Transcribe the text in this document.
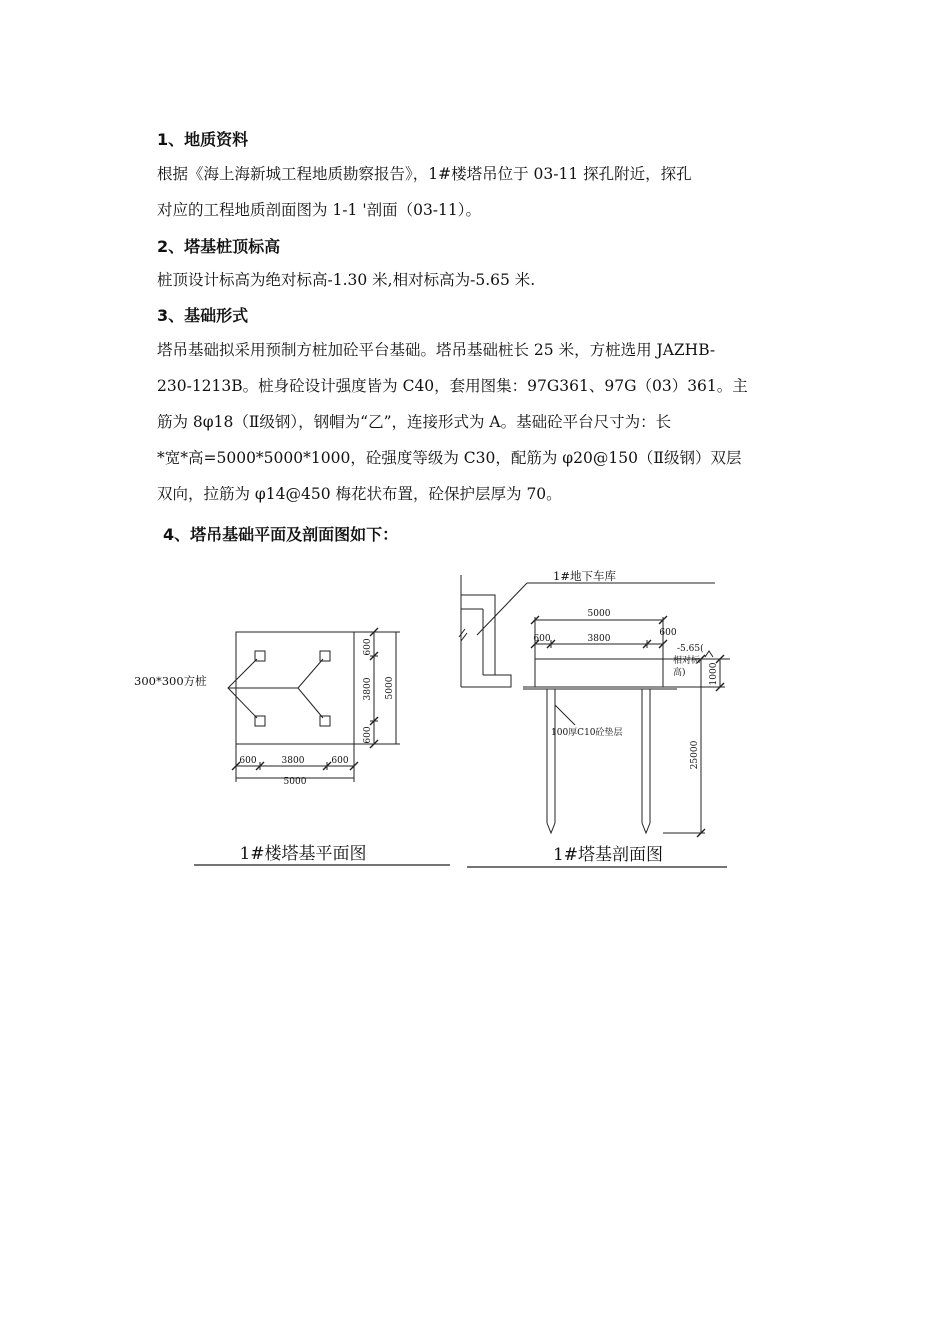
1、地质资料
根据《海上海新城工程地质勘察报告》，1#楼塔吊位于 03-11 探孔附近，探孔
对应的工程地质剖面图为 1-1 '剖面（03-11）。
2、塔基桩顶标高
桩顶设计标高为绝对标高-1.30 米,相对标高为-5.65 米.
3、基础形式
塔吊基础拟采用预制方桩加砼平台基础。塔吊基础桩长 25 米，方桩选用 JAZHB-
230-1213B。桩身砼设计强度皆为 C40，套用图集：97G361、97G（03）361。主
筋为 8φ18（Ⅱ级钢），钢帽为“乙”，连接形式为 A。基础砼平台尺寸为：长
*宽*高=5000*5000*1000，砼强度等级为 C30，配筋为 φ20@150（Ⅱ级钢）双层
双向，拉筋为 φ14@450 梅花状布置，砼保护层厚为 70。
4、塔吊基础平面及剖面图如下：
300*300方桩
600
3800
600
5000
600	3800	600
5000
1#楼塔基平面图
1#地下车库
5000
600	3800
600
-5.65(
相对标
高)	1000
100厚C10砼垫层
25000
1#塔基剖面图
